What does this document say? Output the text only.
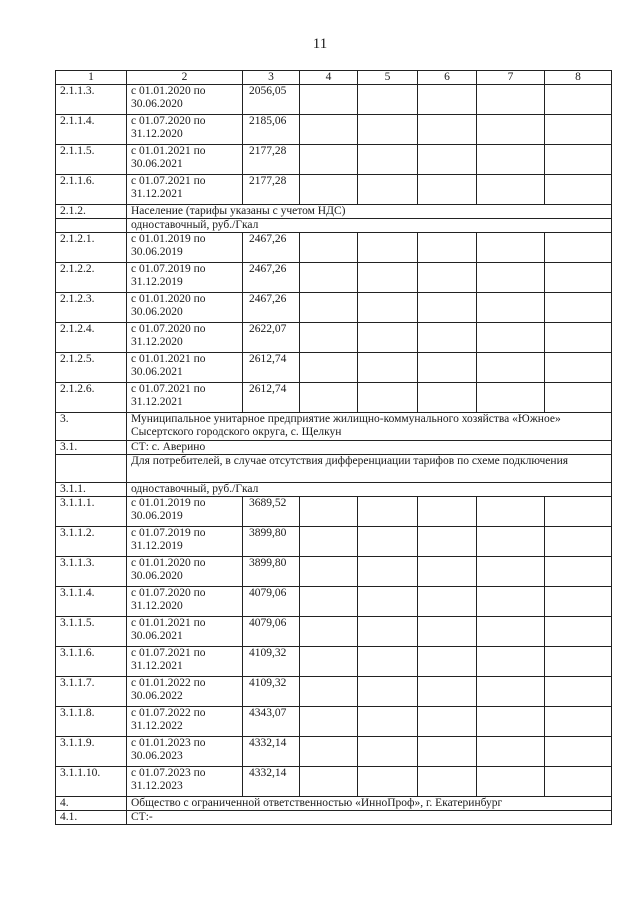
11
1	2	3	4	5	6	7	8
2.1.1.3.	с 01.01.2020 по 30.06.2020	2056,05					
2.1.1.4.	с 01.07.2020 по 31.12.2020	2185,06					
2.1.1.5.	с 01.01.2021 по 30.06.2021	2177,28					
2.1.1.6.	с 01.07.2021 по 31.12.2021	2177,28					
2.1.2.	Население (тарифы указаны с учетом НДС)						
	одноставочный, руб./Гкал						
2.1.2.1.	с 01.01.2019 по 30.06.2019	2467,26					
2.1.2.2.	с 01.07.2019 по 31.12.2019	2467,26					
2.1.2.3.	с 01.01.2020 по 30.06.2020	2467,26					
2.1.2.4.	с 01.07.2020 по 31.12.2020	2622,07					
2.1.2.5.	с 01.01.2021 по 30.06.2021	2612,74					
2.1.2.6.	с 01.07.2021 по 31.12.2021	2612,74					
3.	Муниципальное унитарное предприятие жилищно-коммунального хозяйства «Южное» Сысертского городского округа, с. Щелкун						
3.1.	СТ: с. Аверино						
	Для потребителей, в случае отсутствия дифференциации тарифов по схеме подключения						
3.1.1.	одноставочный, руб./Гкал						
3.1.1.1.	с 01.01.2019 по 30.06.2019	3689,52					
3.1.1.2.	с 01.07.2019 по 31.12.2019	3899,80					
3.1.1.3.	с 01.01.2020 по 30.06.2020	3899,80					
3.1.1.4.	с 01.07.2020 по 31.12.2020	4079,06					
3.1.1.5.	с 01.01.2021 по 30.06.2021	4079,06					
3.1.1.6.	с 01.07.2021 по 31.12.2021	4109,32					
3.1.1.7.	с 01.01.2022 по 30.06.2022	4109,32					
3.1.1.8.	с 01.07.2022 по 31.12.2022	4343,07					
3.1.1.9.	с 01.01.2023 по 30.06.2023	4332,14					
3.1.1.10.	с 01.07.2023 по 31.12.2023	4332,14					
4.	Общество с ограниченной ответственностью «ИнноПроф», г. Екатеринбург						
4.1.	СТ:-						
